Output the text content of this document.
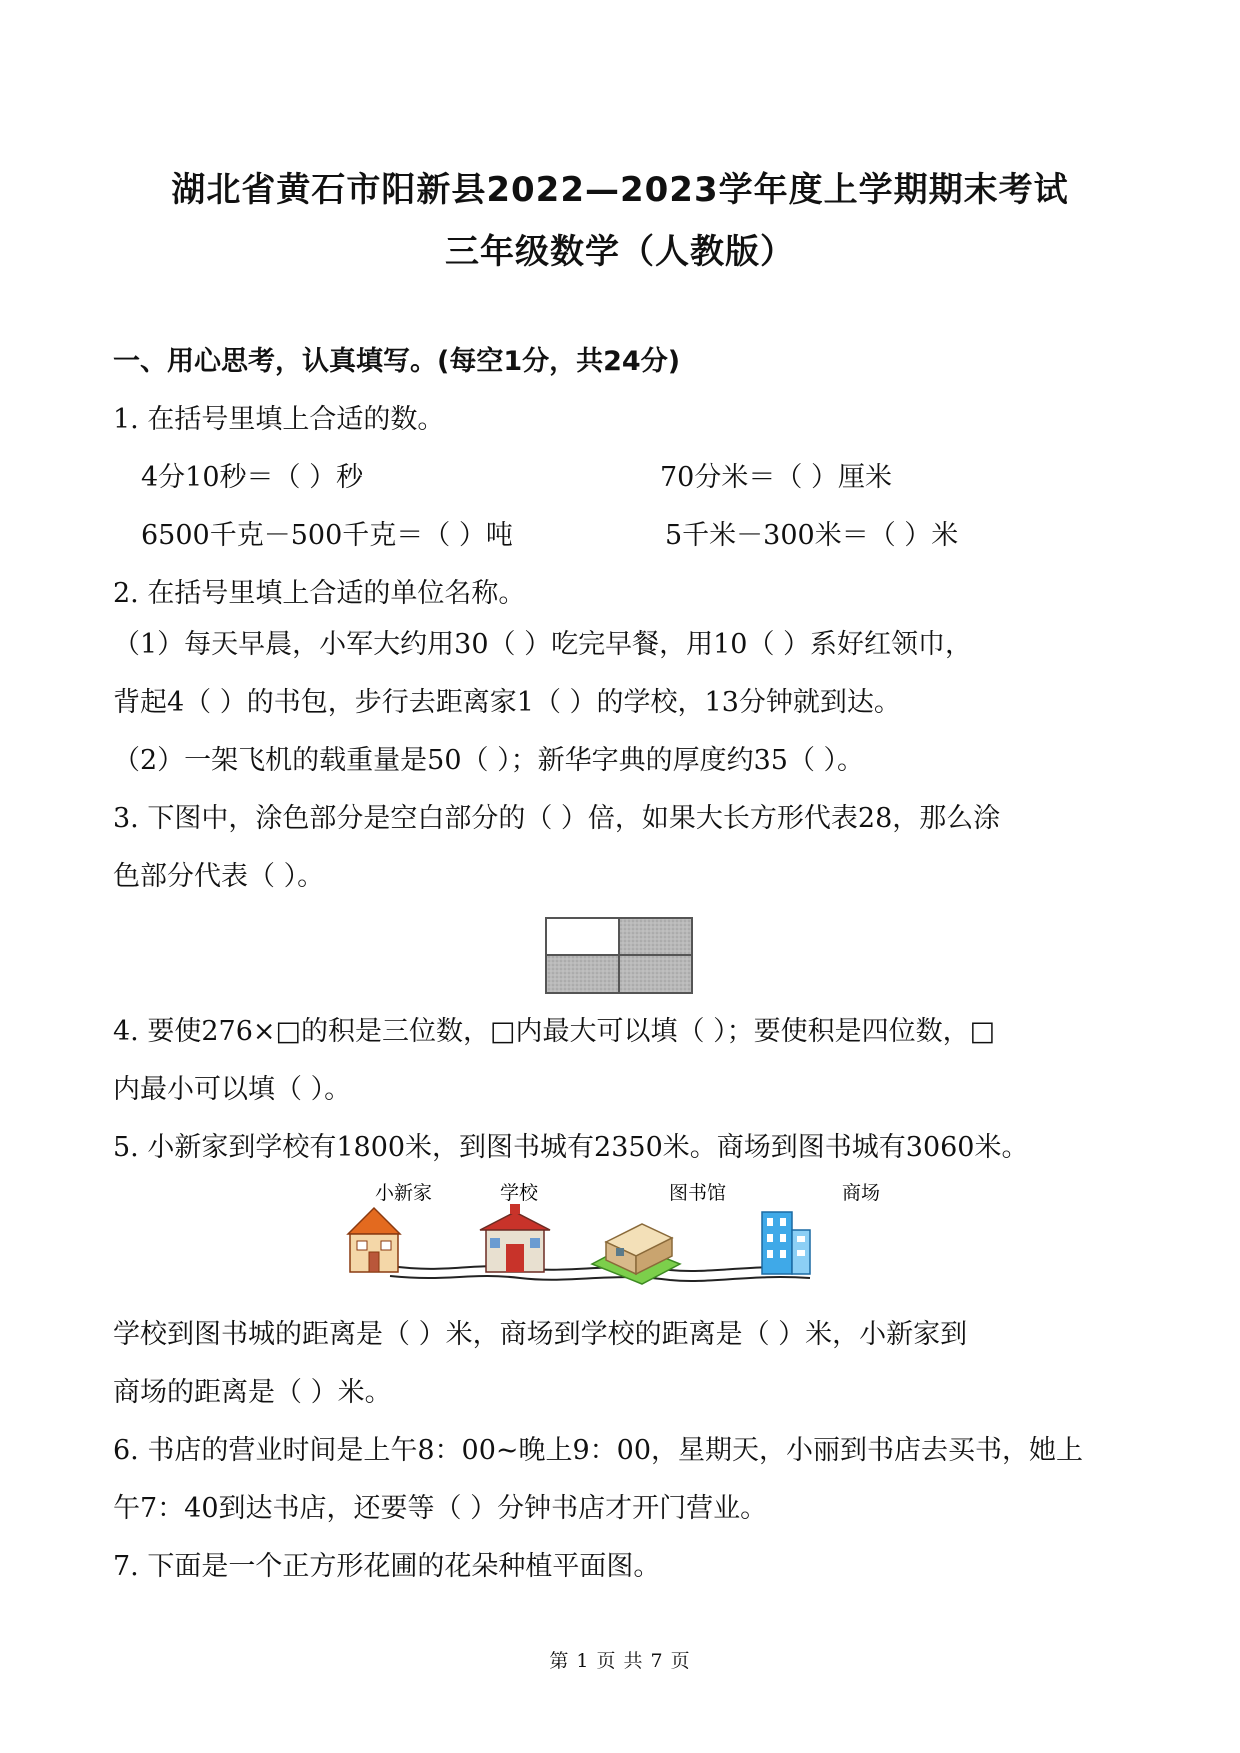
湖北省黄石市阳新县2022—2023学年度上学期期末考试
三年级数学（人教版）
一、用心思考，认真填写。(每空1分，共24分)
1. 在括号里填上合适的数。
4分10秒＝（ ）秒	70分米＝（ ）厘米
6500千克－500千克＝（ ）吨	5千米－300米＝（ ）米
2. 在括号里填上合适的单位名称。
（1）每天早晨，小军大约用30（ ）吃完早餐，用10（ ）系好红领巾，
背起4（ ）的书包，步行去距离家1（ ）的学校，13分钟就到达。
（2）一架飞机的载重量是50（ ）；新华字典的厚度约35（ ）。
3. 下图中，涂色部分是空白部分的（ ）倍，如果大长方形代表28，那么涂
色部分代表（ ）。
4. 要使276×□的积是三位数，□内最大可以填（ ）；要使积是四位数，□
内最小可以填（ ）。
5. 小新家到学校有1800米，到图书城有2350米。商场到图书城有3060米。
小新家	学校	图书馆	商场
学校到图书城的距离是（ ）米，商场到学校的距离是（ ）米，小新家到
商场的距离是（ ）米。
6. 书店的营业时间是上午8：00~晚上9：00，星期天，小丽到书店去买书，她上
午7：40到达书店，还要等（ ）分钟书店才开门营业。
7. 下面是一个正方形花圃的花朵种植平面图。
第 1 页 共 7 页
